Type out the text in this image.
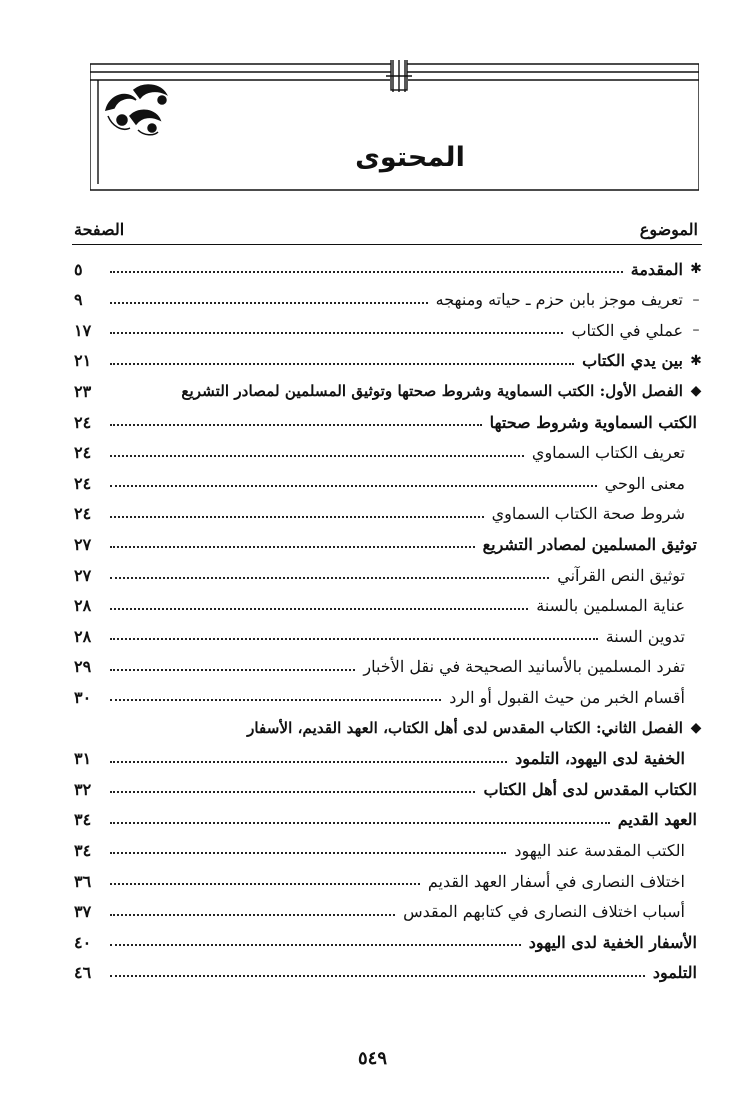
المحتوى
الموضوع
الصفحة
✱
المقدمة
٥
–
تعريف موجز بابن حزم ـ حياته ومنهجه
٩
–
عملي في الكتاب
١٧
✱
بين يدي الكتاب
٢١
◆
الفصل الأول: الكتب السماوية وشروط صحتها وتوثيق المسلمين لمصادر التشريع
٢٣
الكتب السماوية وشروط صحتها
٢٤
تعريف الكتاب السماوي
٢٤
معنى الوحي
٢٤
شروط صحة الكتاب السماوي
٢٤
توثيق المسلمين لمصادر التشريع
٢٧
توثيق النص القرآني
٢٧
عناية المسلمين بالسنة
٢٨
تدوين السنة
٢٨
تفرد المسلمين بالأسانيد الصحيحة في نقل الأخبار
٢٩
أقسام الخبر من حيث القبول أو الرد
٣٠
◆
الفصل الثاني: الكتاب المقدس لدى أهل الكتاب، العهد القديم، الأسفار
الخفية لدى اليهود، التلمود
٣١
الكتاب المقدس لدى أهل الكتاب
٣٢
العهد القديم
٣٤
الكتب المقدسة عند اليهود
٣٤
اختلاف النصارى في أسفار العهد القديم
٣٦
أسباب اختلاف النصارى في كتابهم المقدس
٣٧
الأسفار الخفية لدى اليهود
٤٠
التلمود
٤٦
٥٤٩
